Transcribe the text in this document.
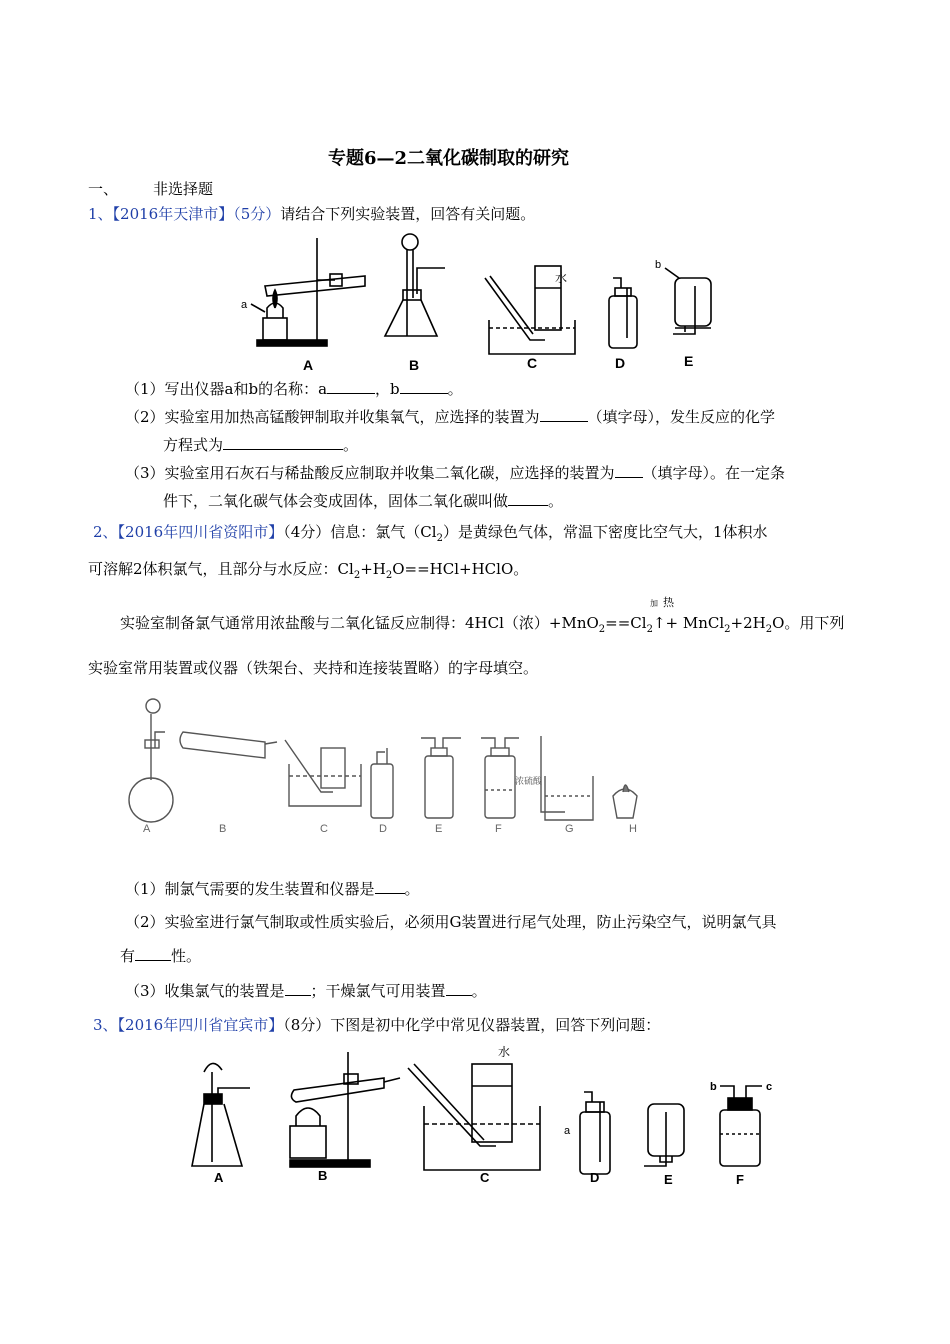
专题6—2二氧化碳制取的研究
一、 非选择题
1、【2016年天津市】（5分）请结合下列实验装置，回答有关问题。
a
b
水
A	B	C	D	E
（1）写出仪器a和b的名称：a	，b	。
（2）实验室用加热高锰酸钾制取并收集氧气，应选择的装置为	（填字母），发生反应的化学
方程式为	。
（3）实验室用石灰石与稀盐酸反应制取并收集二氧化碳，应选择的装置为 （填字母）。在一定条
件下，二氧化碳气体会变成固体，固体二氧化碳叫做	。
2、【2016年四川省资阳市】（4分）信息：氯气$(Cl_2)$是黄绿色气体，常温下密度比空气大，1体积水
可溶解2体积氯气，且部分与水反应：$Cl_2+H_2O==HCl+HClO$。
加 热
实验室制备氯气通常用浓盐酸与二氧化锰反应制得：4HCl（浓）$+MnO_2==Cl_2↑+$ $MnCl_2+2H_2O$。用下列
实验室常用装置或仪器（铁架台、夹持和连接装置略）的字母填空。
浓硫酸
A	B	C	D	E	F	G	H
（1）制氯气需要的发生装置和仪器是 。
（2）实验室进行氯气制取或性质实验后，必须用G装置进行尾气处理，防止污染空气，说明氯气具
有 性。
（3）收集氯气的装置是 ；干燥氯气可用装置 。
3、【2016年四川省宜宾市】（8分）下图是初中化学中常见仪器装置，回答下列问题：
水
a
b	c
A	B	C	D	E	F
